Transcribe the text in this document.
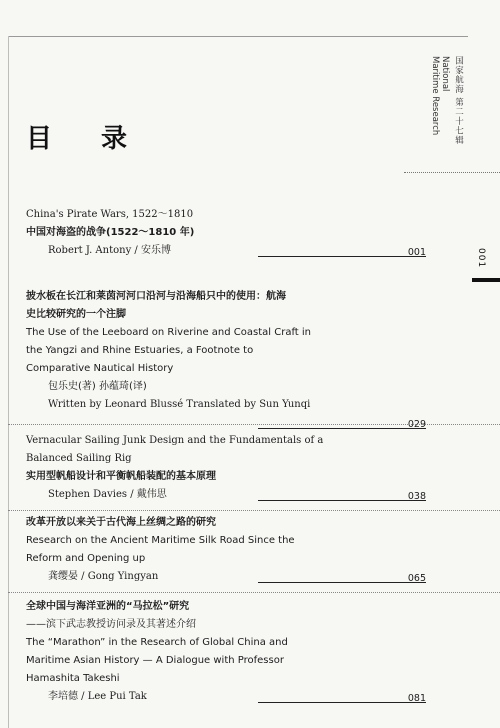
国家航海 第二十七辑
National
Maritime Research
目 录
001
China's Pirate Wars, 1522～1810
中国对海盗的战争(1522～1810 年)
Robert J. Antony / 安乐博	001
披水板在长江和莱茵河河口沿河与沿海船只中的使用：航海
史比较研究的一个注脚
The Use of the Leeboard on Riverine and Coastal Craft in
the Yangzi and Rhine Estuaries, a Footnote to
Comparative Nautical History
包乐史(著) 孙蕴琦(译)
Written by Leonard Blussé Translated by Sun Yunqi
029
Vernacular Sailing Junk Design and the Fundamentals of a
Balanced Sailing Rig
实用型帆船设计和平衡帆船装配的基本原理
Stephen Davies / 戴伟思	038
改革开放以来关于古代海上丝绸之路的研究
Research on the Ancient Maritime Silk Road Since the
Reform and Opening up
龚缨晏 / Gong Yingyan	065
全球中国与海洋亚洲的“马拉松”研究
——滨下武志教授访问录及其著述介绍
The “Marathon” in the Research of Global China and
Maritime Asian History — A Dialogue with Professor
Hamashita Takeshi
李培德 / Lee Pui Tak	081
